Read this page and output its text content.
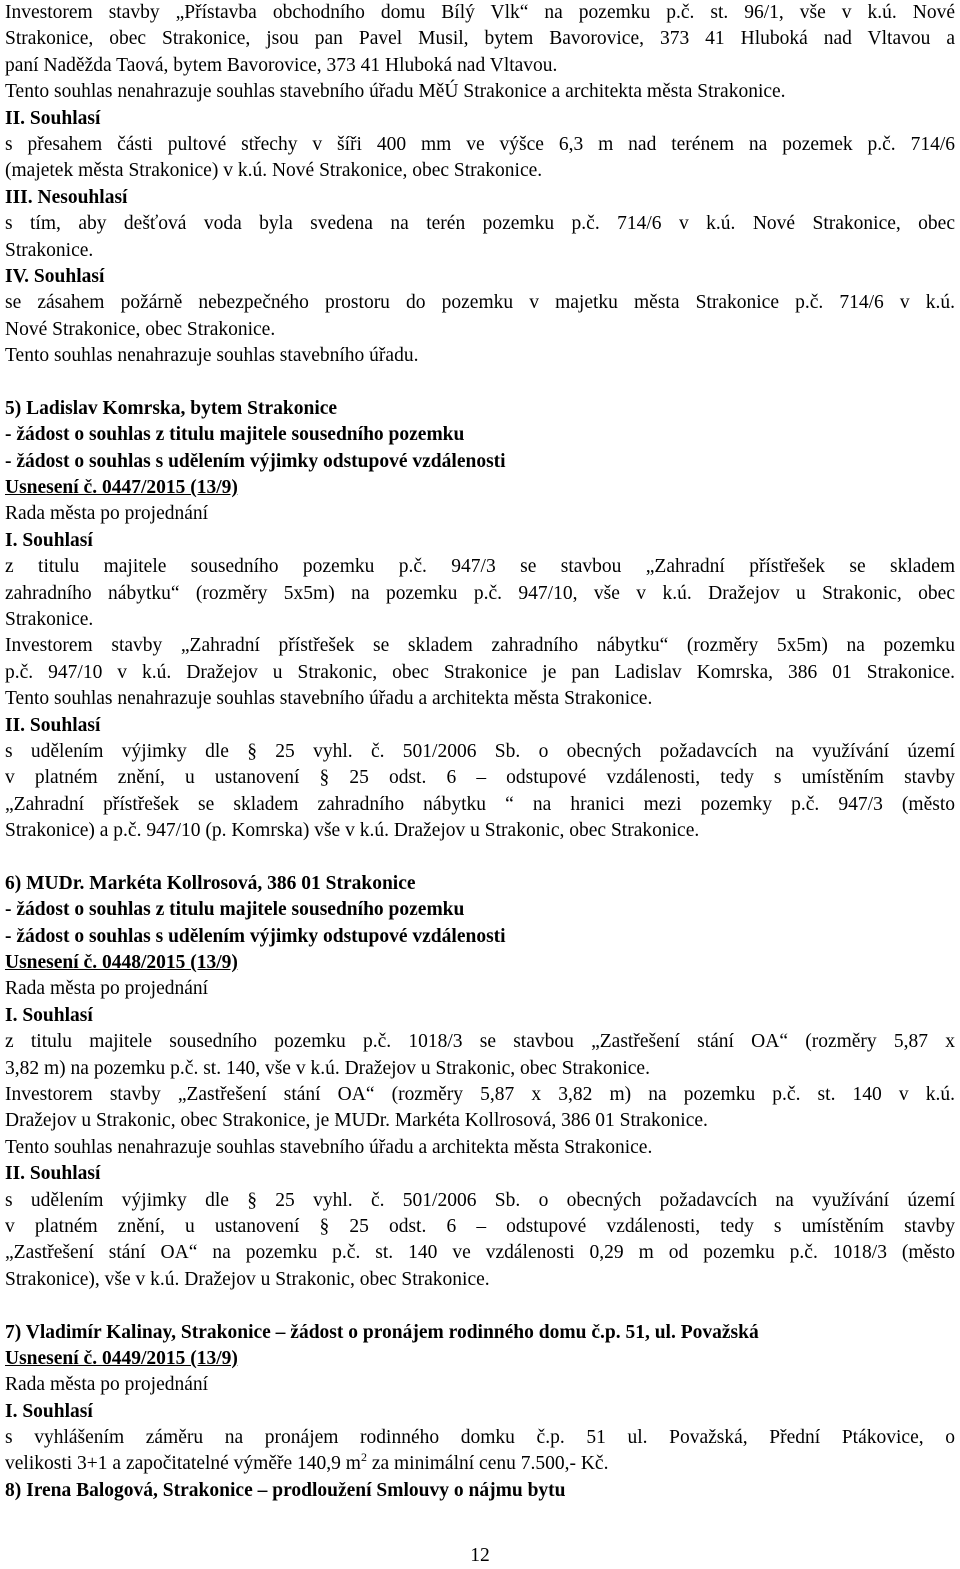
Investorem stavby „Přístavba obchodního domu Bílý Vlk“ na pozemku p.č. st. 96/1, vše v k.ú. Nové
Strakonice, obec Strakonice, jsou pan Pavel Musil, bytem Bavorovice, 373 41 Hluboká nad Vltavou a
paní Naděžda Taová, bytem Bavorovice, 373 41 Hluboká nad Vltavou.
Tento souhlas nenahrazuje souhlas stavebního úřadu MěÚ Strakonice a architekta města Strakonice.
II. Souhlasí
s přesahem části pultové střechy v šíři 400 mm ve výšce 6,3 m nad terénem na pozemek p.č. 714/6
(majetek města Strakonice) v k.ú. Nové Strakonice, obec Strakonice.
III. Nesouhlasí
s tím, aby dešťová voda byla svedena na terén pozemku p.č. 714/6 v k.ú. Nové Strakonice, obec
Strakonice.
IV. Souhlasí
se zásahem požárně nebezpečného prostoru do pozemku v majetku města Strakonice p.č. 714/6 v k.ú.
Nové Strakonice, obec Strakonice.
Tento souhlas nenahrazuje souhlas stavebního úřadu.
5) Ladislav Komrska, bytem Strakonice
- žádost o souhlas z titulu majitele sousedního pozemku
- žádost o souhlas s udělením výjimky odstupové vzdálenosti
Usnesení č. 0447/2015 (13/9)
Rada města po projednání
I. Souhlasí
z titulu majitele sousedního pozemku p.č. 947/3 se stavbou „Zahradní přístřešek se skladem
zahradního nábytku“ (rozměry 5x5m) na pozemku p.č. 947/10, vše v k.ú. Dražejov u Strakonic, obec
Strakonice.
Investorem stavby „Zahradní přístřešek se skladem zahradního nábytku“ (rozměry 5x5m) na pozemku
p.č. 947/10 v k.ú. Dražejov u Strakonic, obec Strakonice je pan Ladislav Komrska, 386 01 Strakonice.
Tento souhlas nenahrazuje souhlas stavebního úřadu a architekta města Strakonice.
II. Souhlasí
s udělením výjimky dle § 25 vyhl. č. 501/2006 Sb. o obecných požadavcích na využívání území
v platném znění, u ustanovení § 25 odst. 6 – odstupové vzdálenosti, tedy s umístěním stavby
„Zahradní přístřešek se skladem zahradního nábytku “ na hranici mezi pozemky p.č. 947/3 (město
Strakonice) a p.č. 947/10 (p. Komrska) vše v k.ú. Dražejov u Strakonic, obec Strakonice.
6) MUDr. Markéta Kollrosová, 386 01 Strakonice
- žádost o souhlas z titulu majitele sousedního pozemku
- žádost o souhlas s udělením výjimky odstupové vzdálenosti
Usnesení č. 0448/2015 (13/9)
Rada města po projednání
I. Souhlasí
z titulu majitele sousedního pozemku p.č. 1018/3 se stavbou „Zastřešení stání OA“ (rozměry 5,87 x
3,82 m) na pozemku p.č. st. 140, vše v k.ú. Dražejov u Strakonic, obec Strakonice.
Investorem stavby „Zastřešení stání OA“ (rozměry 5,87 x 3,82 m) na pozemku p.č. st. 140 v k.ú.
Dražejov u Strakonic, obec Strakonice, je MUDr. Markéta Kollrosová, 386 01 Strakonice.
Tento souhlas nenahrazuje souhlas stavebního úřadu a architekta města Strakonice.
II. Souhlasí
s udělením výjimky dle § 25 vyhl. č. 501/2006 Sb. o obecných požadavcích na využívání území
v platném znění, u ustanovení § 25 odst. 6 – odstupové vzdálenosti, tedy s umístěním stavby
„Zastřešení stání OA“ na pozemku p.č. st. 140 ve vzdálenosti 0,29 m od pozemku p.č. 1018/3 (město
Strakonice), vše v k.ú. Dražejov u Strakonic, obec Strakonice.
7) Vladimír Kalinay, Strakonice – žádost o pronájem rodinného domu č.p. 51, ul. Považská
Usnesení č. 0449/2015 (13/9)
Rada města po projednání
I. Souhlasí
s vyhlášením záměru na pronájem rodinného domku č.p. 51 ul. Považská, Přední Ptákovice, o
velikosti 3+1 a započitatelné výměře 140,9 $m^2$ za minimální cenu 7.500,- Kč.
8) Irena Balogová, Strakonice – prodloužení Smlouvy o nájmu bytu
12
